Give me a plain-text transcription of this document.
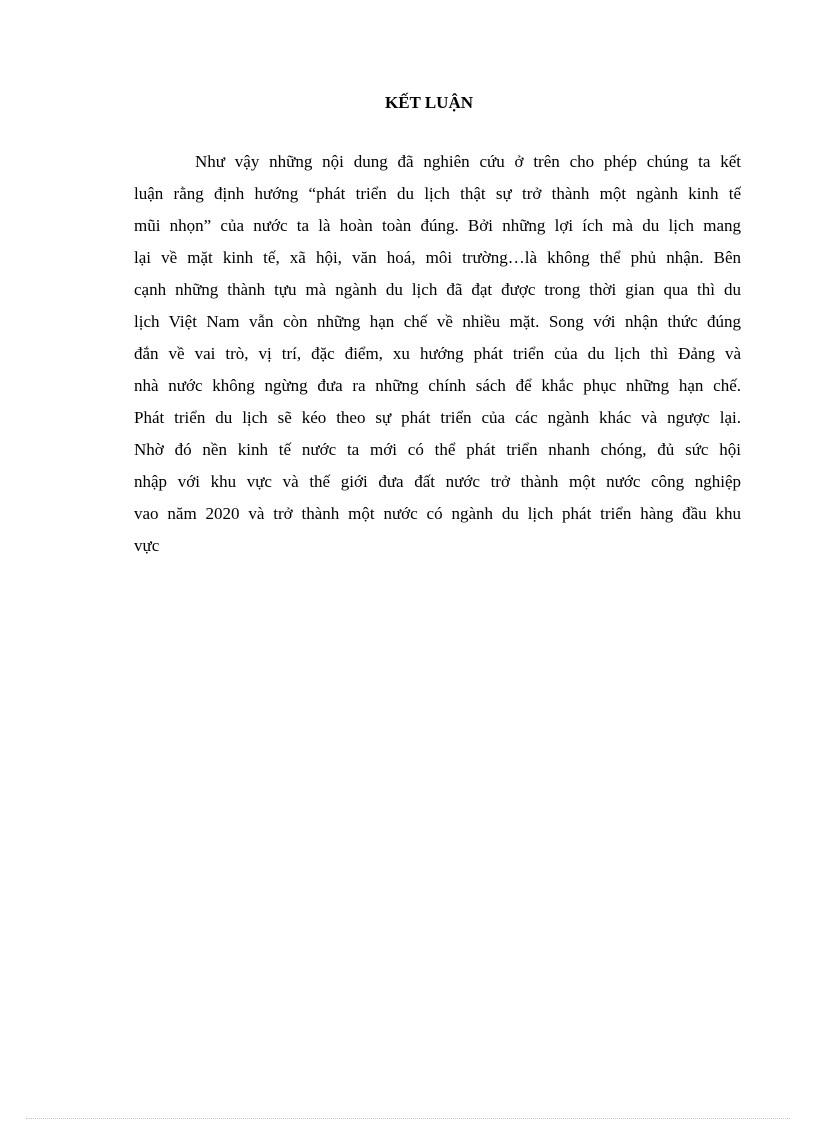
KẾT LUẬN
Như vậy những nội dung đã nghiên cứu ở trên cho phép chúng ta kết
luận rằng định hướng “phát triển du lịch thật sự trở thành một ngành kinh tế
mũi nhọn” của nước ta là hoàn toàn đúng. Bởi những lợi ích mà du lịch mang
lại về mặt kinh tế, xã hội, văn hoá, môi trường…là không thể phủ nhận. Bên
cạnh những thành tựu mà ngành du lịch đã đạt được trong thời gian qua thì du
lịch Việt Nam vẫn còn những hạn chế về nhiều mặt. Song với nhận thức đúng
đắn về vai trò, vị trí, đặc điểm, xu hướng phát triển của du lịch thì Đảng và
nhà nước không ngừng đưa ra những chính sách để khắc phục những hạn chế.
Phát triển du lịch sẽ kéo theo sự phát triển của các ngành khác và ngược lại.
Nhờ đó nền kinh tế nước ta mới có thể phát triển nhanh chóng, đủ sức hội
nhập với khu vực và thế giới đưa đất nước trở thành một nước công nghiệp
vao năm 2020 và trở thành một nước có ngành du lịch phát triển hàng đầu khu
vực
